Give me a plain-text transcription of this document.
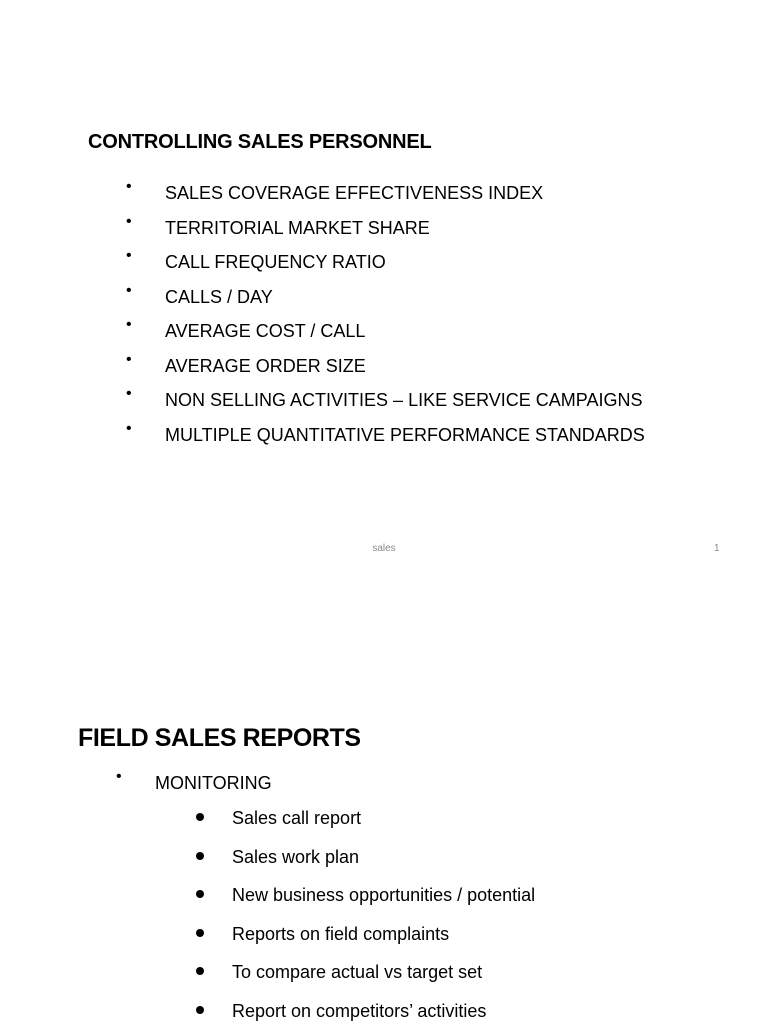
CONTROLLING SALES PERSONNEL
• SALES COVERAGE EFFECTIVENESS INDEX
• TERRITORIAL MARKET SHARE
• CALL FREQUENCY RATIO
• CALLS / DAY
• AVERAGE COST / CALL
• AVERAGE ORDER SIZE
• NON SELLING ACTIVITIES – LIKE SERVICE CAMPAIGNS
• MULTIPLE QUANTITATIVE PERFORMANCE STANDARDS
sales	1
FIELD SALES REPORTS
• MONITORING
Sales call report
Sales work plan
New business opportunities / potential
Reports on field complaints
To compare actual vs target set
Report on competitors’ activities
